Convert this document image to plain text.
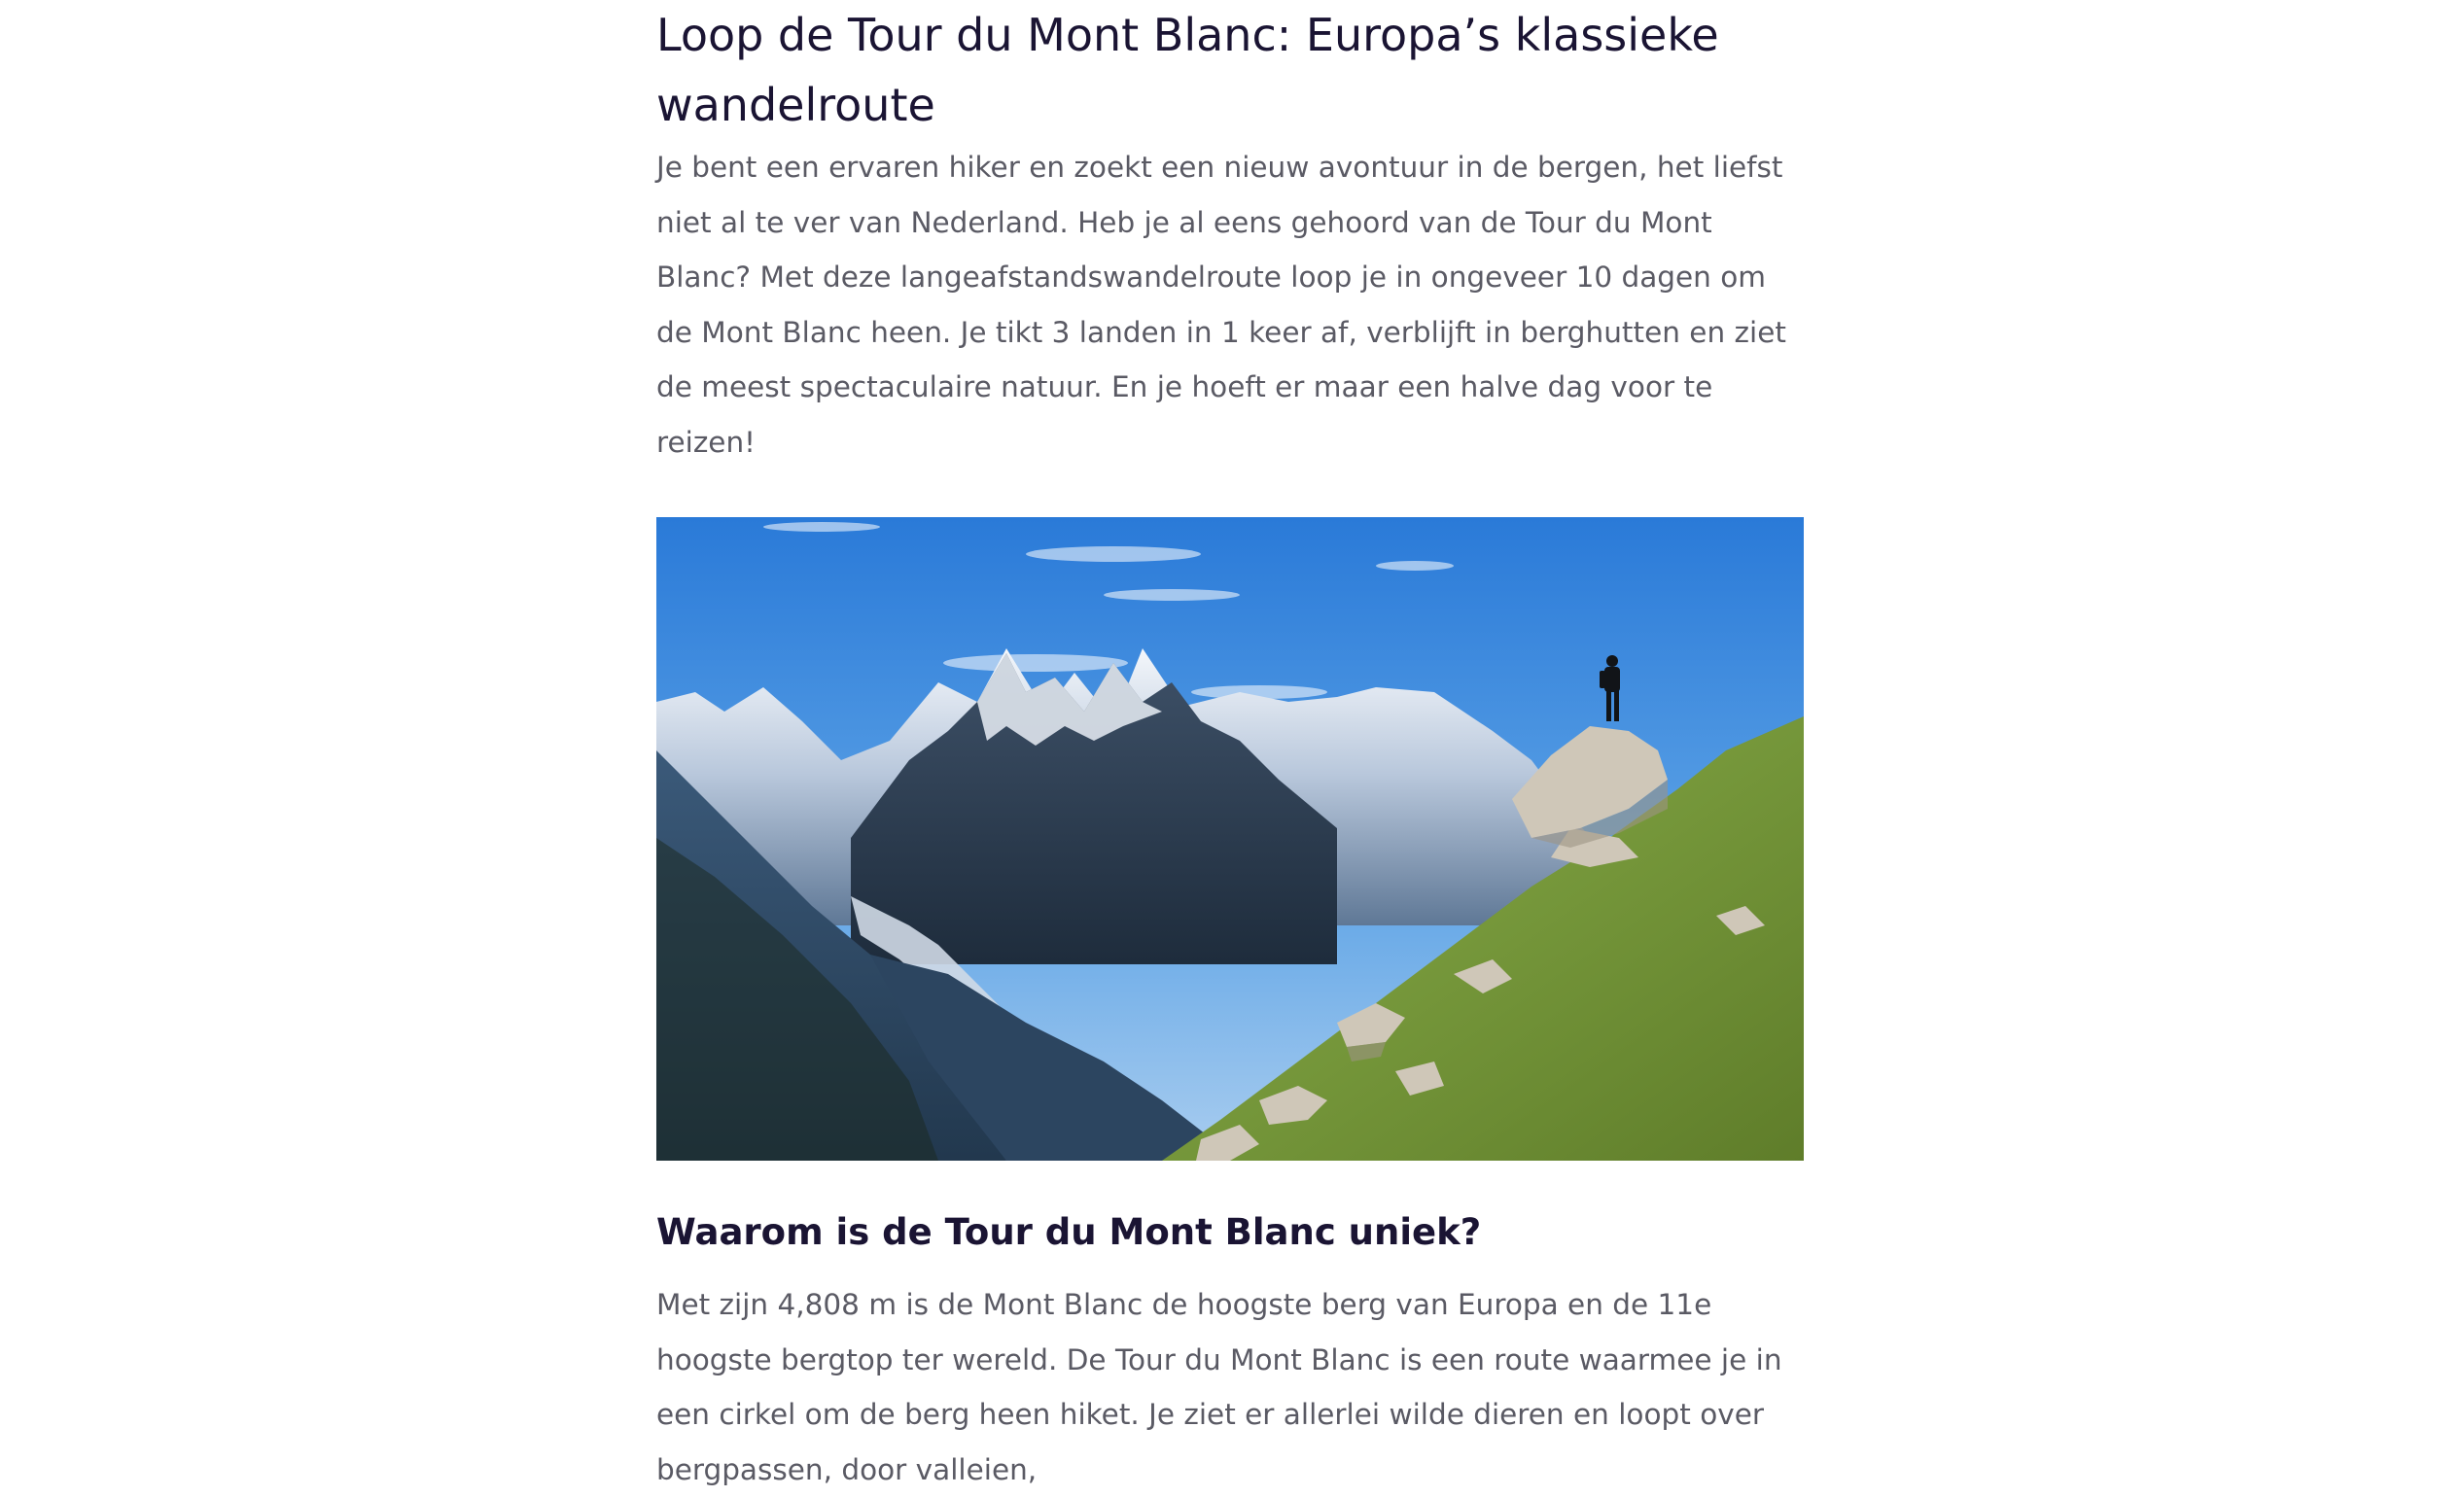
Loop de Tour du Mont Blanc: Europa’s klassieke wandelroute

Je bent een ervaren hiker en zoekt een nieuw avontuur in de bergen, het liefst niet al te ver van Nederland. Heb je al eens gehoord van de Tour du Mont Blanc? Met deze langeafstandswandelroute loop je in ongeveer 10 dagen om de Mont Blanc heen. Je tikt 3 landen in 1 keer af, verblijft in berghutten en ziet de meest spectaculaire natuur. En je hoeft er maar een halve dag voor te reizen!

Waarom is de Tour du Mont Blanc uniek?

Met zijn 4,808 m is de Mont Blanc de hoogste berg van Europa en de 11e hoogste bergtop ter wereld. De Tour du Mont Blanc is een route waarmee je in een cirkel om de berg heen hiket. Je ziet er allerlei wilde dieren en loopt over bergpassen, door valleien,
